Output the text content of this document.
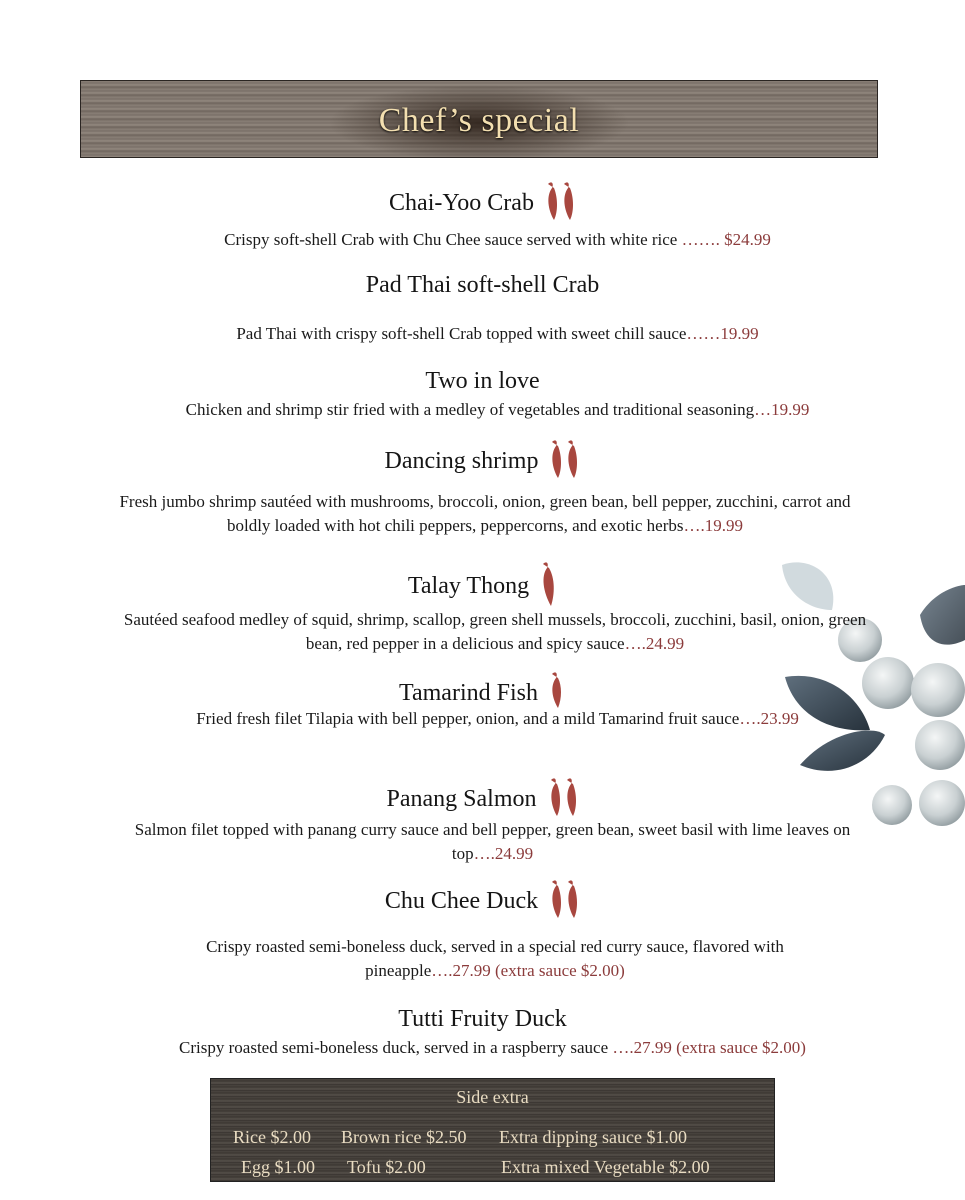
Chef’s special
Chai-Yoo Crab
Crispy soft-shell Crab with Chu Chee sauce served with white rice ……. $24.99
Pad Thai soft-shell Crab
Pad Thai with crispy soft-shell Crab topped with sweet chill sauce……19.99
Two in love
Chicken and shrimp stir fried with a medley of vegetables and traditional seasoning…19.99
Dancing shrimp
Fresh jumbo shrimp sautéed with mushrooms, broccoli, onion, green bean, bell pepper, zucchini, carrot and boldly loaded with hot chili peppers, peppercorns, and exotic herbs….19.99
Talay Thong
Sautéed seafood medley of squid, shrimp, scallop, green shell mussels, broccoli, zucchini, basil, onion, green bean, red pepper in a delicious and spicy sauce….24.99
Tamarind Fish
Fried fresh filet Tilapia with bell pepper, onion, and a mild Tamarind fruit sauce….23.99
Panang Salmon
Salmon filet topped with panang curry sauce and bell pepper, green bean, sweet basil with lime leaves on top….24.99
Chu Chee Duck
Crispy roasted semi-boneless duck, served in a special red curry sauce, flavored with pineapple….27.99 (extra sauce $2.00)
Tutti Fruity Duck
Crispy roasted semi-boneless duck, served in a raspberry sauce ….27.99 (extra sauce $2.00)
Side extra
Rice $2.00 Brown rice $2.50 Extra dipping sauce $1.00
Egg $1.00 Tofu $2.00	Extra mixed Vegetable $2.00
